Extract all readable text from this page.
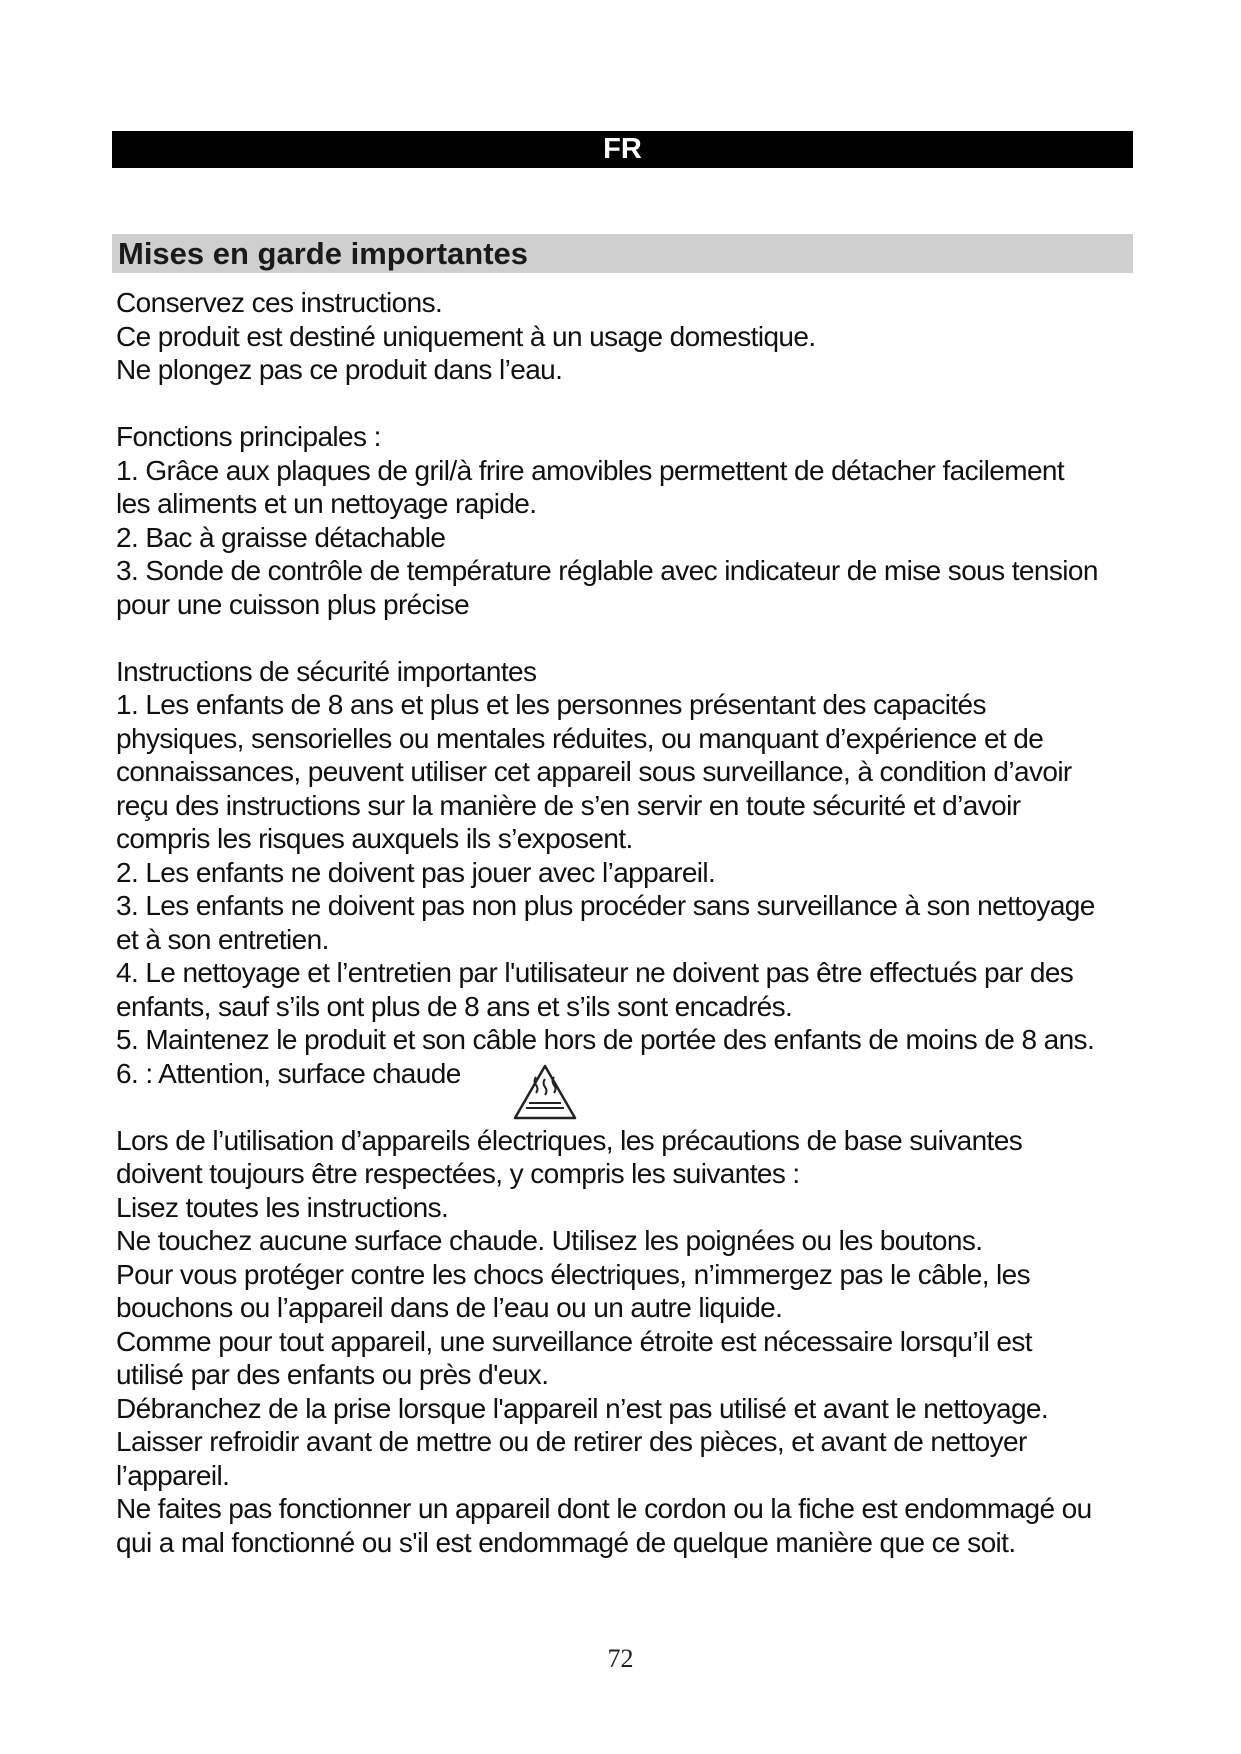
FR
Mises en garde importantes
Conservez ces instructions.
Ce produit est destiné uniquement à un usage domestique.
Ne plongez pas ce produit dans l’eau.
Fonctions principales :
1. Grâce aux plaques de gril/à frire amovibles permettent de détacher facilement
les aliments et un nettoyage rapide.
2. Bac à graisse détachable
3. Sonde de contrôle de température réglable avec indicateur de mise sous tension
pour une cuisson plus précise
Instructions de sécurité importantes
1. Les enfants de 8 ans et plus et les personnes présentant des capacités
physiques, sensorielles ou mentales réduites, ou manquant d’expérience et de
connaissances, peuvent utiliser cet appareil sous surveillance, à condition d’avoir
reçu des instructions sur la manière de s’en servir en toute sécurité et d’avoir
compris les risques auxquels ils s’exposent.
2. Les enfants ne doivent pas jouer avec l’appareil.
3. Les enfants ne doivent pas non plus procéder sans surveillance à son nettoyage
et à son entretien.
4. Le nettoyage et l’entretien par l'utilisateur ne doivent pas être effectués par des
enfants, sauf s’ils ont plus de 8 ans et s’ils sont encadrés.
5. Maintenez le produit et son câble hors de portée des enfants de moins de 8 ans.
6. : Attention, surface chaude
Lors de l’utilisation d’appareils électriques, les précautions de base suivantes
doivent toujours être respectées, y compris les suivantes :
Lisez toutes les instructions.
Ne touchez aucune surface chaude. Utilisez les poignées ou les boutons.
Pour vous protéger contre les chocs électriques, n’immergez pas le câble, les
bouchons ou l’appareil dans de l’eau ou un autre liquide.
Comme pour tout appareil, une surveillance étroite est nécessaire lorsqu’il est
utilisé par des enfants ou près d'eux.
Débranchez de la prise lorsque l'appareil n’est pas utilisé et avant le nettoyage.
Laisser refroidir avant de mettre ou de retirer des pièces, et avant de nettoyer
l’appareil.
Ne faites pas fonctionner un appareil dont le cordon ou la fiche est endommagé ou
qui a mal fonctionné ou s'il est endommagé de quelque manière que ce soit.
72
